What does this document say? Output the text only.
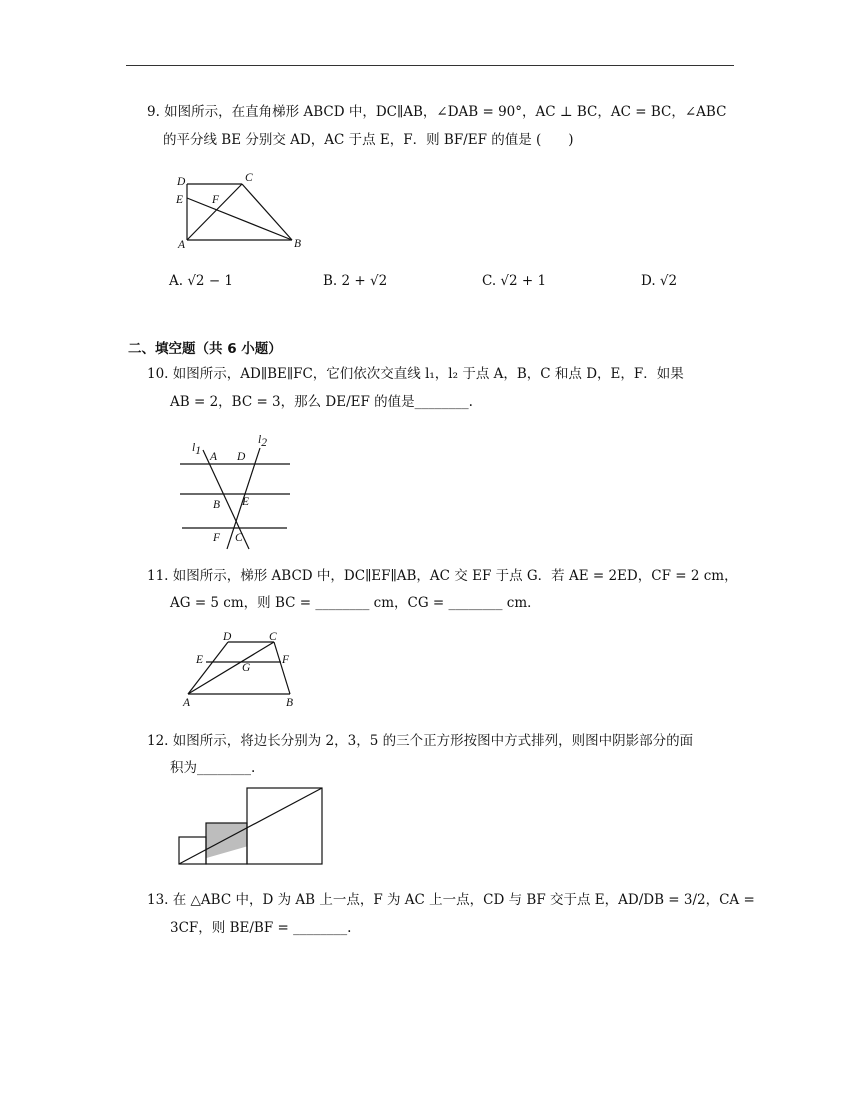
9. 如图所示，在直角梯形 ABCD 中，DC∥AB，∠DAB = 90°，AC ⊥ BC，AC = BC，∠ABC
的平分线 BE 分别交 AD，AC 于点 E，F．则 BF/EF 的值是 (　　)
D	C
E	F
A	B
A. √2 − 1	B. 2 + √2	C. √2 + 1	D. √2
二、填空题（共 6 小题）
10. 如图所示，AD∥BE∥FC，它们依次交直线 l₁，l₂ 于点 A，B，C 和点 D，E，F．如果
AB = 2，BC = 3，那么 DE/EF 的值是________.
l1
l2
A D
B E
F C
11. 如图所示，梯形 ABCD 中，DC∥EF∥AB，AC 交 EF 于点 G．若 AE = 2ED，CF = 2 cm，
AG = 5 cm，则 BC = ________ cm，CG = ________ cm．
D	C
E	F
G
A	B
12. 如图所示，将边长分别为 2，3，5 的三个正方形按图中方式排列，则图中阴影部分的面
积为________.
13. 在 △ABC 中，D 为 AB 上一点，F 为 AC 上一点，CD 与 BF 交于点 E，AD/DB = 3/2，CA =
3CF，则 BE/BF = ________.
